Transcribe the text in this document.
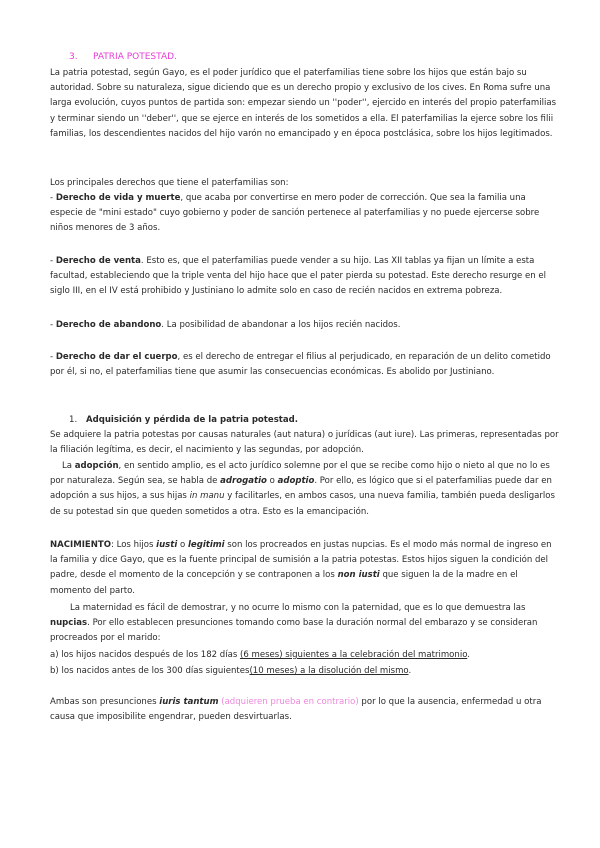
3. PATRIA POTESTAD.

La patria potestad, según Gayo, es el poder jurídico que el paterfamilias tiene sobre los hijos que están bajo su autoridad. Sobre su naturaleza, sigue diciendo que es un derecho propio y exclusivo de los cives. En Roma sufre una larga evolución, cuyos puntos de partida son: empezar siendo un ''poder'', ejercido en interés del propio paterfamilias y terminar siendo un ''deber'', que se ejerce en interés de los sometidos a ella. El paterfamilias la ejerce sobre los filii familias, los descendientes nacidos del hijo varón no emancipado y en época postclásica, sobre los hijos legitimados.

Los principales derechos que tiene el paterfamilias son:

- Derecho de vida y muerte, que acaba por convertirse en mero poder de corrección. Que sea la familia una especie de "mini estado" cuyo gobierno y poder de sanción pertenece al paterfamilias y no puede ejercerse sobre niños menores de 3 años.

- Derecho de venta. Esto es, que el paterfamilias puede vender a su hijo. Las XII tablas ya fijan un límite a esta facultad, estableciendo que la triple venta del hijo hace que el pater pierda su potestad. Este derecho resurge en el siglo III, en el IV está prohibido y Justiniano lo admite solo en caso de recién nacidos en extrema pobreza.

- Derecho de abandono. La posibilidad de abandonar a los hijos recién nacidos.

- Derecho de dar el cuerpo, es el derecho de entregar el filius al perjudicado, en reparación de un delito cometido por él, si no, el paterfamilias tiene que asumir las consecuencias económicas. Es abolido por Justiniano.

1. Adquisición y pérdida de la patria potestad.

Se adquiere la patria potestas por causas naturales (aut natura) o jurídicas (aut iure). Las primeras, representadas por la filiación legítima, es decir, el nacimiento y las segundas, por adopción.

La adopción, en sentido amplio, es el acto jurídico solemne por el que se recibe como hijo o nieto al que no lo es por naturaleza. Según sea, se habla de adrogatio o adoptio. Por ello, es lógico que si el paterfamilias puede dar en adopción a sus hijos, a sus hijas in manu y facilitarles, en ambos casos, una nueva familia, también pueda desligarlos de su potestad sin que queden sometidos a otra. Esto es la emancipación.

NACIMIENTO: Los hijos iusti o legitimi son los procreados en justas nupcias. Es el modo más normal de ingreso en la familia y dice Gayo, que es la fuente principal de sumisión a la patria potestas. Estos hijos siguen la condición del padre, desde el momento de la concepción y se contraponen a los non iusti que siguen la de la madre en el momento del parto.

La maternidad es fácil de demostrar, y no ocurre lo mismo con la paternidad, que es lo que demuestra las nupcias. Por ello establecen presunciones tomando como base la duración normal del embarazo y se consideran procreados por el marido:

a) los hijos nacidos después de los 182 días (6 meses) siguientes a la celebración del matrimonio.

b) los nacidos antes de los 300 días siguientes(10 meses) a la disolución del mismo.

Ambas son presunciones iuris tantum (adquieren prueba en contrario) por lo que la ausencia, enfermedad u otra causa que imposibilite engendrar, pueden desvirtuarlas.
